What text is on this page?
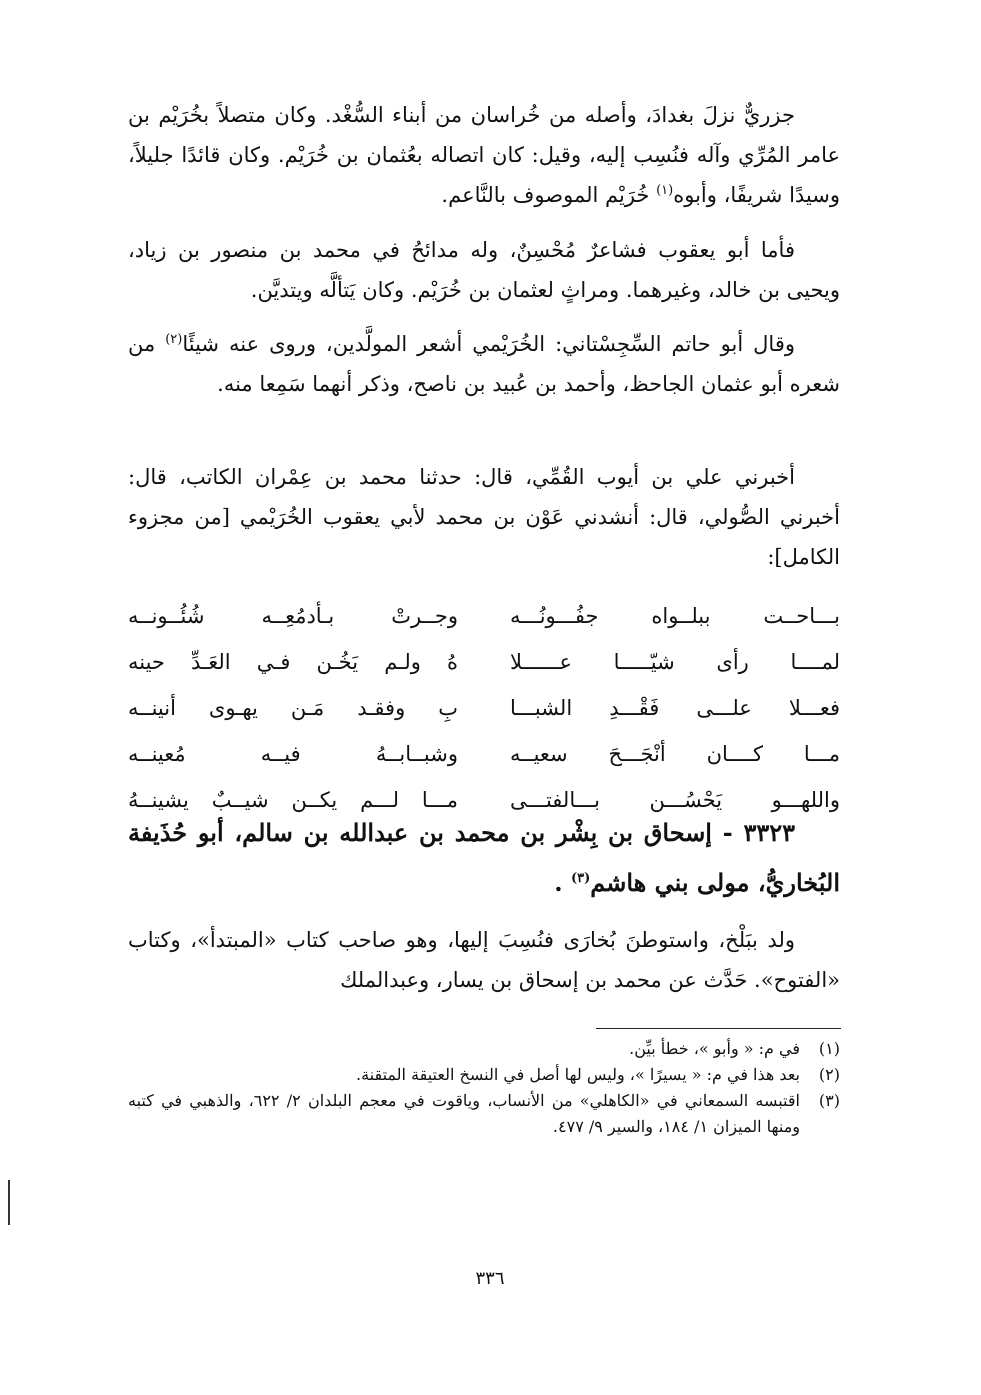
جزريٌّ نزلَ بغدادَ، وأصله من خُراسان من أبناء السُّغْد. وكان متصلاً بخُرَيْم بن عامر المُرِّي وآله فنُسِب إليه، وقيل: كان اتصاله بعُثمان بن خُرَيْم. وكان قائدًا جليلاً، وسيدًا شريفًا، وأبوه$^{(١)}$ خُرَيْم الموصوف بالنَّاعم.

فأما أبو يعقوب فشاعرٌ مُحْسِنٌ، وله مدائحُ في محمد بن منصور بن زياد، ويحيى بن خالد، وغيرهما. ومراثٍ لعثمان بن خُرَيْم. وكان يَتألَّه ويتديَّن.

وقال أبو حاتم السِّجِسْتاني: الخُرَيْمي أشعر المولَّدين، وروى عنه شيئًا$^{(٢)}$ من شعره أبو عثمان الجاحظ، وأحمد بن عُبيد بن ناصح، وذكر أنهما سَمِعا منه.

أخبرني علي بن أيوب القُمِّي، قال: حدثنا محمد بن عِمْران الكاتب، قال: أخبرني الصُّولي، قال: أنشدني عَوْن بن محمد لأبي يعقوب الخُرَيْمي [من مجزوء الكامل]:

بـــاحــت ببلــواه جفُـــونُـــه
وجــرتْ بـأدمُعِــه شُئُــونــه
لمــــا رأى شيّـــــا عــــــلا
هُ ولـم يَخُـن فـي العَـدِّ حينه
فعـــلا علـــى فَقْـــدِ الشبـــا
بِ وفقـد مَـن يهـوى أنينــه
مـــا كــــان أنْجَـــحَ سعيــه
وشبــابــهُ فيــه مُعينــه
واللهـــو يَحْسُـــن بـــالفتـــى
مـــا لـــم يكــن شيــبٌ يشينــهُ
٣٣٢٣ - إسحاق بن بِشْر بن محمد بن عبدالله بن سالم، أبو حُذَيفة البُخاريُّ، مولى بني هاشم$^{(٣)}$ .

ولد ببَلْخ، واستوطنَ بُخارَى فنُسِبَ إليها، وهو صاحب كتاب «المبتدأ»، وكتاب «الفتوح». حَدَّث عن محمد بن إسحاق بن يسار، وعبدالملك

(١)
في م: « وأبو »، خطأ بيِّن.
(٢)
بعد هذا في م: « يسيرًا »، وليس لها أصل في النسخ العتيقة المتقنة.
(٣)
اقتبسه السمعاني في «الكاهلي» من الأنساب، وياقوت في معجم البلدان ٢/ ٦٢٢، والذهبي في كتبه ومنها الميزان ١/ ١٨٤، والسير ٩/ ٤٧٧.
٣٣٦
